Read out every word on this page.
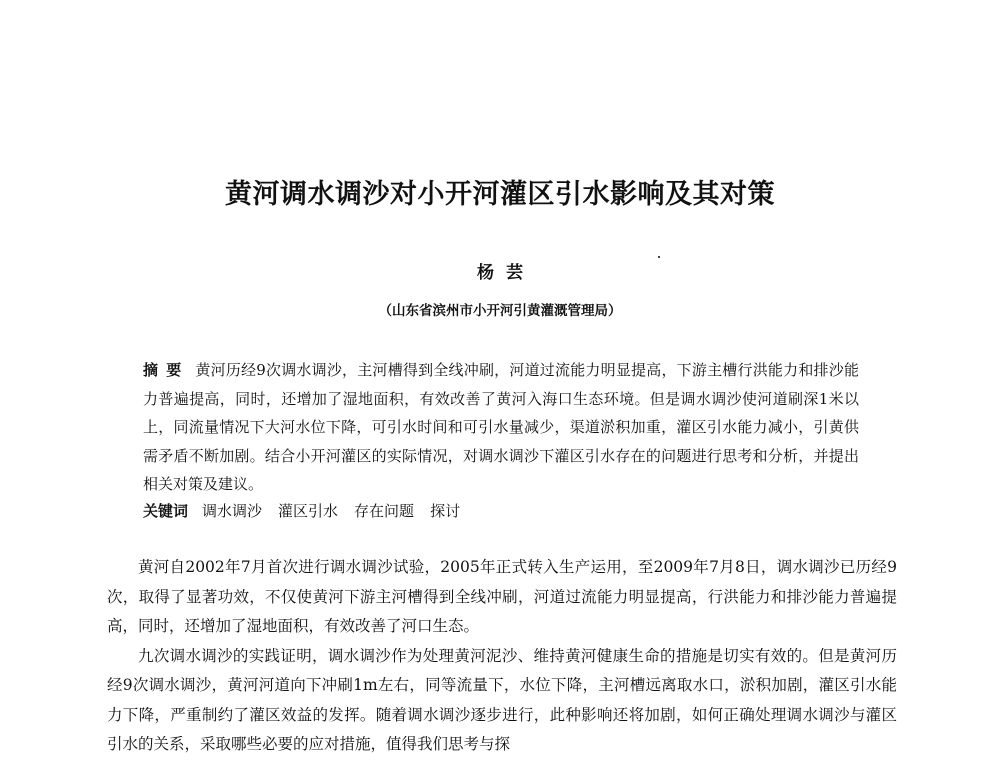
黄河调水调沙对小开河灌区引水影响及其对策
杨芸
（山东省滨州市小开河引黄灌溉管理局）
摘要 黄河历经9次调水调沙，主河槽得到全线冲刷，河道过流能力明显提高，下游主槽行洪能力和排沙能力普遍提高，同时，还增加了湿地面积，有效改善了黄河入海口生态环境。但是调水调沙使河道刷深1米以上，同流量情况下大河水位下降，可引水时间和可引水量减少，渠道淤积加重，灌区引水能力减小，引黄供需矛盾不断加剧。结合小开河灌区的实际情况，对调水调沙下灌区引水存在的问题进行思考和分析，并提出相关对策及建议。
关键词 调水调沙 灌区引水 存在问题 探讨

黄河自2002年7月首次进行调水调沙试验，2005年正式转入生产运用，至2009年7月8日，调水调沙已历经9次，取得了显著功效，不仅使黄河下游主河槽得到全线冲刷，河道过流能力明显提高，行洪能力和排沙能力普遍提高，同时，还增加了湿地面积，有效改善了河口生态。

九次调水调沙的实践证明，调水调沙作为处理黄河泥沙、维持黄河健康生命的措施是切实有效的。但是黄河历经9次调水调沙，黄河河道向下冲刷1m左右，同等流量下，水位下降，主河槽远离取水口，淤积加剧，灌区引水能力下降，严重制约了灌区效益的发挥。随着调水调沙逐步进行，此种影响还将加剧，如何正确处理调水调沙与灌区引水的关系，采取哪些必要的应对措施，值得我们思考与探
